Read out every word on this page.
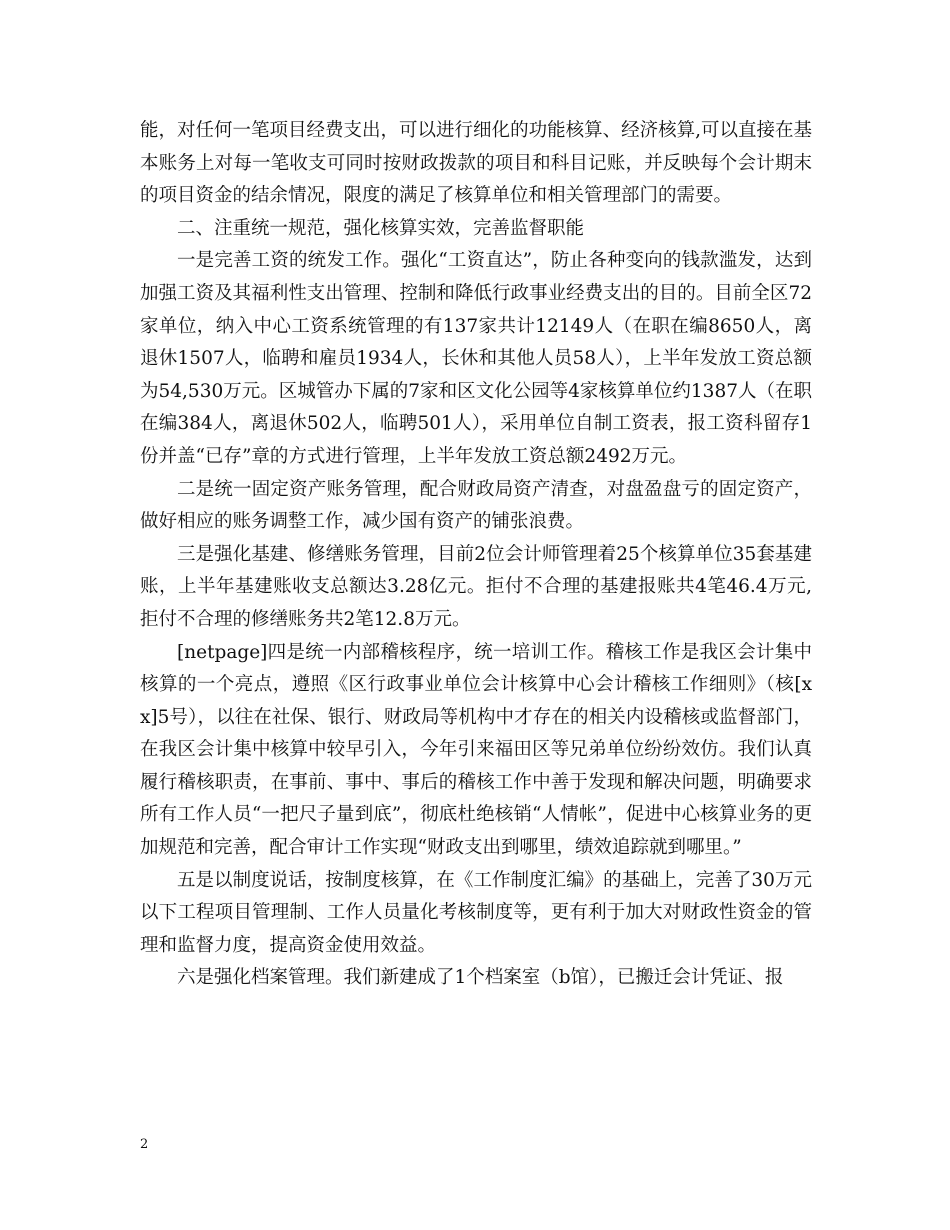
能，对任何一笔项目经费支出，可以进行细化的功能核算、经济核算,可以直接在基本账务上对每一笔收支可同时按财政拨款的项目和科目记账，并反映每个会计期末的项目资金的结余情况，限度的满足了核算单位和相关管理部门的需要。

二、注重统一规范，强化核算实效，完善监督职能

一是完善工资的统发工作。强化“工资直达”，防止各种变向的钱款滥发，达到加强工资及其福利性支出管理、控制和降低行政事业经费支出的目的。目前全区72家单位，纳入中心工资系统管理的有137家共计12149人（在职在编8650人，离退休1507人，临聘和雇员1934人，长休和其他人员58人），上半年发放工资总额为54,530万元。区城管办下属的7家和区文化公园等4家核算单位约1387人（在职在编384人，离退休502人，临聘501人），采用单位自制工资表，报工资科留存1份并盖“已存”章的方式进行管理，上半年发放工资总额2492万元。

二是统一固定资产账务管理，配合财政局资产清查，对盘盈盘亏的固定资产，做好相应的账务调整工作，减少国有资产的铺张浪费。

三是强化基建、修缮账务管理，目前2位会计师管理着25个核算单位35套基建账，上半年基建账收支总额达3.28亿元。拒付不合理的基建报账共4笔46.4万元,拒付不合理的修缮账务共2笔12.8万元。

[netpage]四是统一内部稽核程序，统一培训工作。稽核工作是我区会计集中核算的一个亮点，遵照《区行政事业单位会计核算中心会计稽核工作细则》（核[xx]5号），以往在社保、银行、财政局等机构中才存在的相关内设稽核或监督部门，在我区会计集中核算中较早引入，今年引来福田区等兄弟单位纷纷效仿。我们认真履行稽核职责，在事前、事中、事后的稽核工作中善于发现和解决问题，明确要求所有工作人员“一把尺子量到底”，彻底杜绝核销“人情帐”，促进中心核算业务的更加规范和完善，配合审计工作实现“财政支出到哪里，绩效追踪就到哪里。”

五是以制度说话，按制度核算，在《工作制度汇编》的基础上，完善了30万元以下工程项目管理制、工作人员量化考核制度等，更有利于加大对财政性资金的管理和监督力度，提高资金使用效益。

六是强化档案管理。我们新建成了1个档案室（b馆），已搬迁会计凭证、报

2
